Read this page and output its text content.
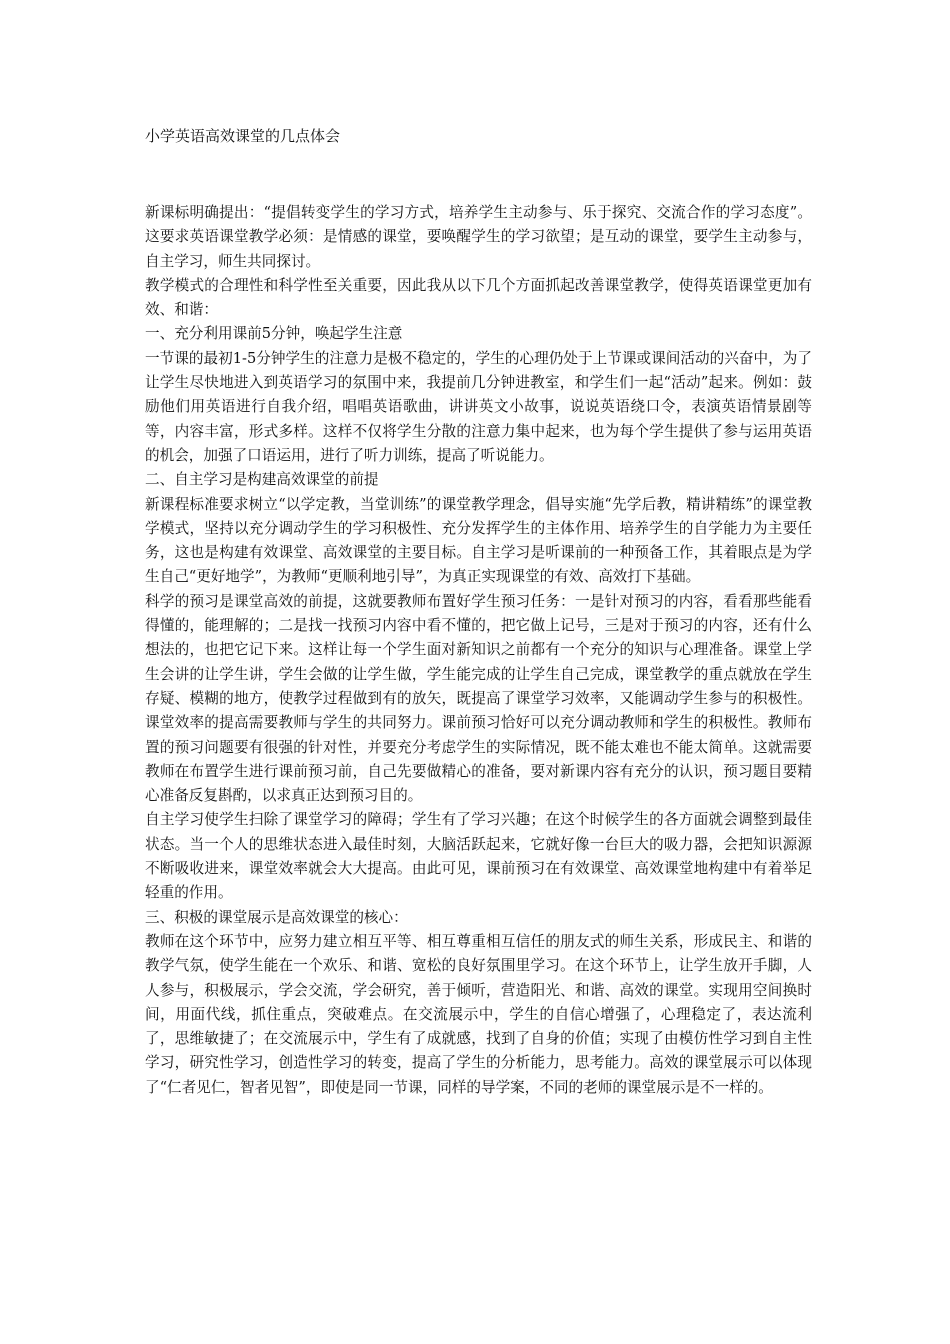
小学英语高效课堂的几点体会

新课标明确提出：“提倡转变学生的学习方式，培养学生主动参与、乐于探究、交流合作的学习态度”。这要求英语课堂教学必须：是情感的课堂，要唤醒学生的学习欲望；是互动的课堂，要学生主动参与，自主学习，师生共同探讨。

教学模式的合理性和科学性至关重要，因此我从以下几个方面抓起改善课堂教学，使得英语课堂更加有效、和谐：

一、充分利用课前5分钟，唤起学生注意

一节课的最初1-5分钟学生的注意力是极不稳定的，学生的心理仍处于上节课或课间活动的兴奋中，为了让学生尽快地进入到英语学习的氛围中来，我提前几分钟进教室，和学生们一起“活动”起来。例如：鼓励他们用英语进行自我介绍，唱唱英语歌曲，讲讲英文小故事，说说英语绕口令，表演英语情景剧等等，内容丰富，形式多样。这样不仅将学生分散的注意力集中起来，也为每个学生提供了参与运用英语的机会，加强了口语运用，进行了听力训练，提高了听说能力。

二、自主学习是构建高效课堂的前提

新课程标准要求树立“以学定教，当堂训练”的课堂教学理念，倡导实施“先学后教，精讲精练”的课堂教学模式，坚持以充分调动学生的学习积极性、充分发挥学生的主体作用、培养学生的自学能力为主要任务，这也是构建有效课堂、高效课堂的主要目标。自主学习是听课前的一种预备工作，其着眼点是为学生自己“更好地学”，为教师“更顺利地引导”，为真正实现课堂的有效、高效打下基础。

科学的预习是课堂高效的前提，这就要教师布置好学生预习任务：一是针对预习的内容，看看那些能看得懂的，能理解的；二是找一找预习内容中看不懂的，把它做上记号，三是对于预习的内容，还有什么想法的，也把它记下来。这样让每一个学生面对新知识之前都有一个充分的知识与心理准备。课堂上学生会讲的让学生讲，学生会做的让学生做，学生能完成的让学生自己完成，课堂教学的重点就放在学生存疑、模糊的地方，使教学过程做到有的放矢，既提高了课堂学习效率，又能调动学生参与的积极性。课堂效率的提高需要教师与学生的共同努力。课前预习恰好可以充分调动教师和学生的积极性。教师布置的预习问题要有很强的针对性，并要充分考虑学生的实际情况，既不能太难也不能太简单。这就需要教师在布置学生进行课前预习前，自己先要做精心的准备，要对新课内容有充分的认识，预习题目要精心准备反复斟酌，以求真正达到预习目的。

自主学习使学生扫除了课堂学习的障碍；学生有了学习兴趣；在这个时候学生的各方面就会调整到最佳状态。当一个人的思维状态进入最佳时刻，大脑活跃起来，它就好像一台巨大的吸力器，会把知识源源不断吸收进来，课堂效率就会大大提高。由此可见，课前预习在有效课堂、高效课堂地构建中有着举足轻重的作用。

三、积极的课堂展示是高效课堂的核心：

教师在这个环节中，应努力建立相互平等、相互尊重相互信任的朋友式的师生关系，形成民主、和谐的教学气氛，使学生能在一个欢乐、和谐、宽松的良好氛围里学习。在这个环节上，让学生放开手脚，人人参与，积极展示，学会交流，学会研究，善于倾听，营造阳光、和谐、高效的课堂。实现用空间换时间，用面代线，抓住重点，突破难点。在交流展示中，学生的自信心增强了，心理稳定了，表达流利了，思维敏捷了；在交流展示中，学生有了成就感，找到了自身的价值；实现了由模仿性学习到自主性学习，研究性学习，创造性学习的转变，提高了学生的分析能力，思考能力。高效的课堂展示可以体现了“仁者见仁，智者见智”，即使是同一节课，同样的导学案，不同的老师的课堂展示是不一样的。
